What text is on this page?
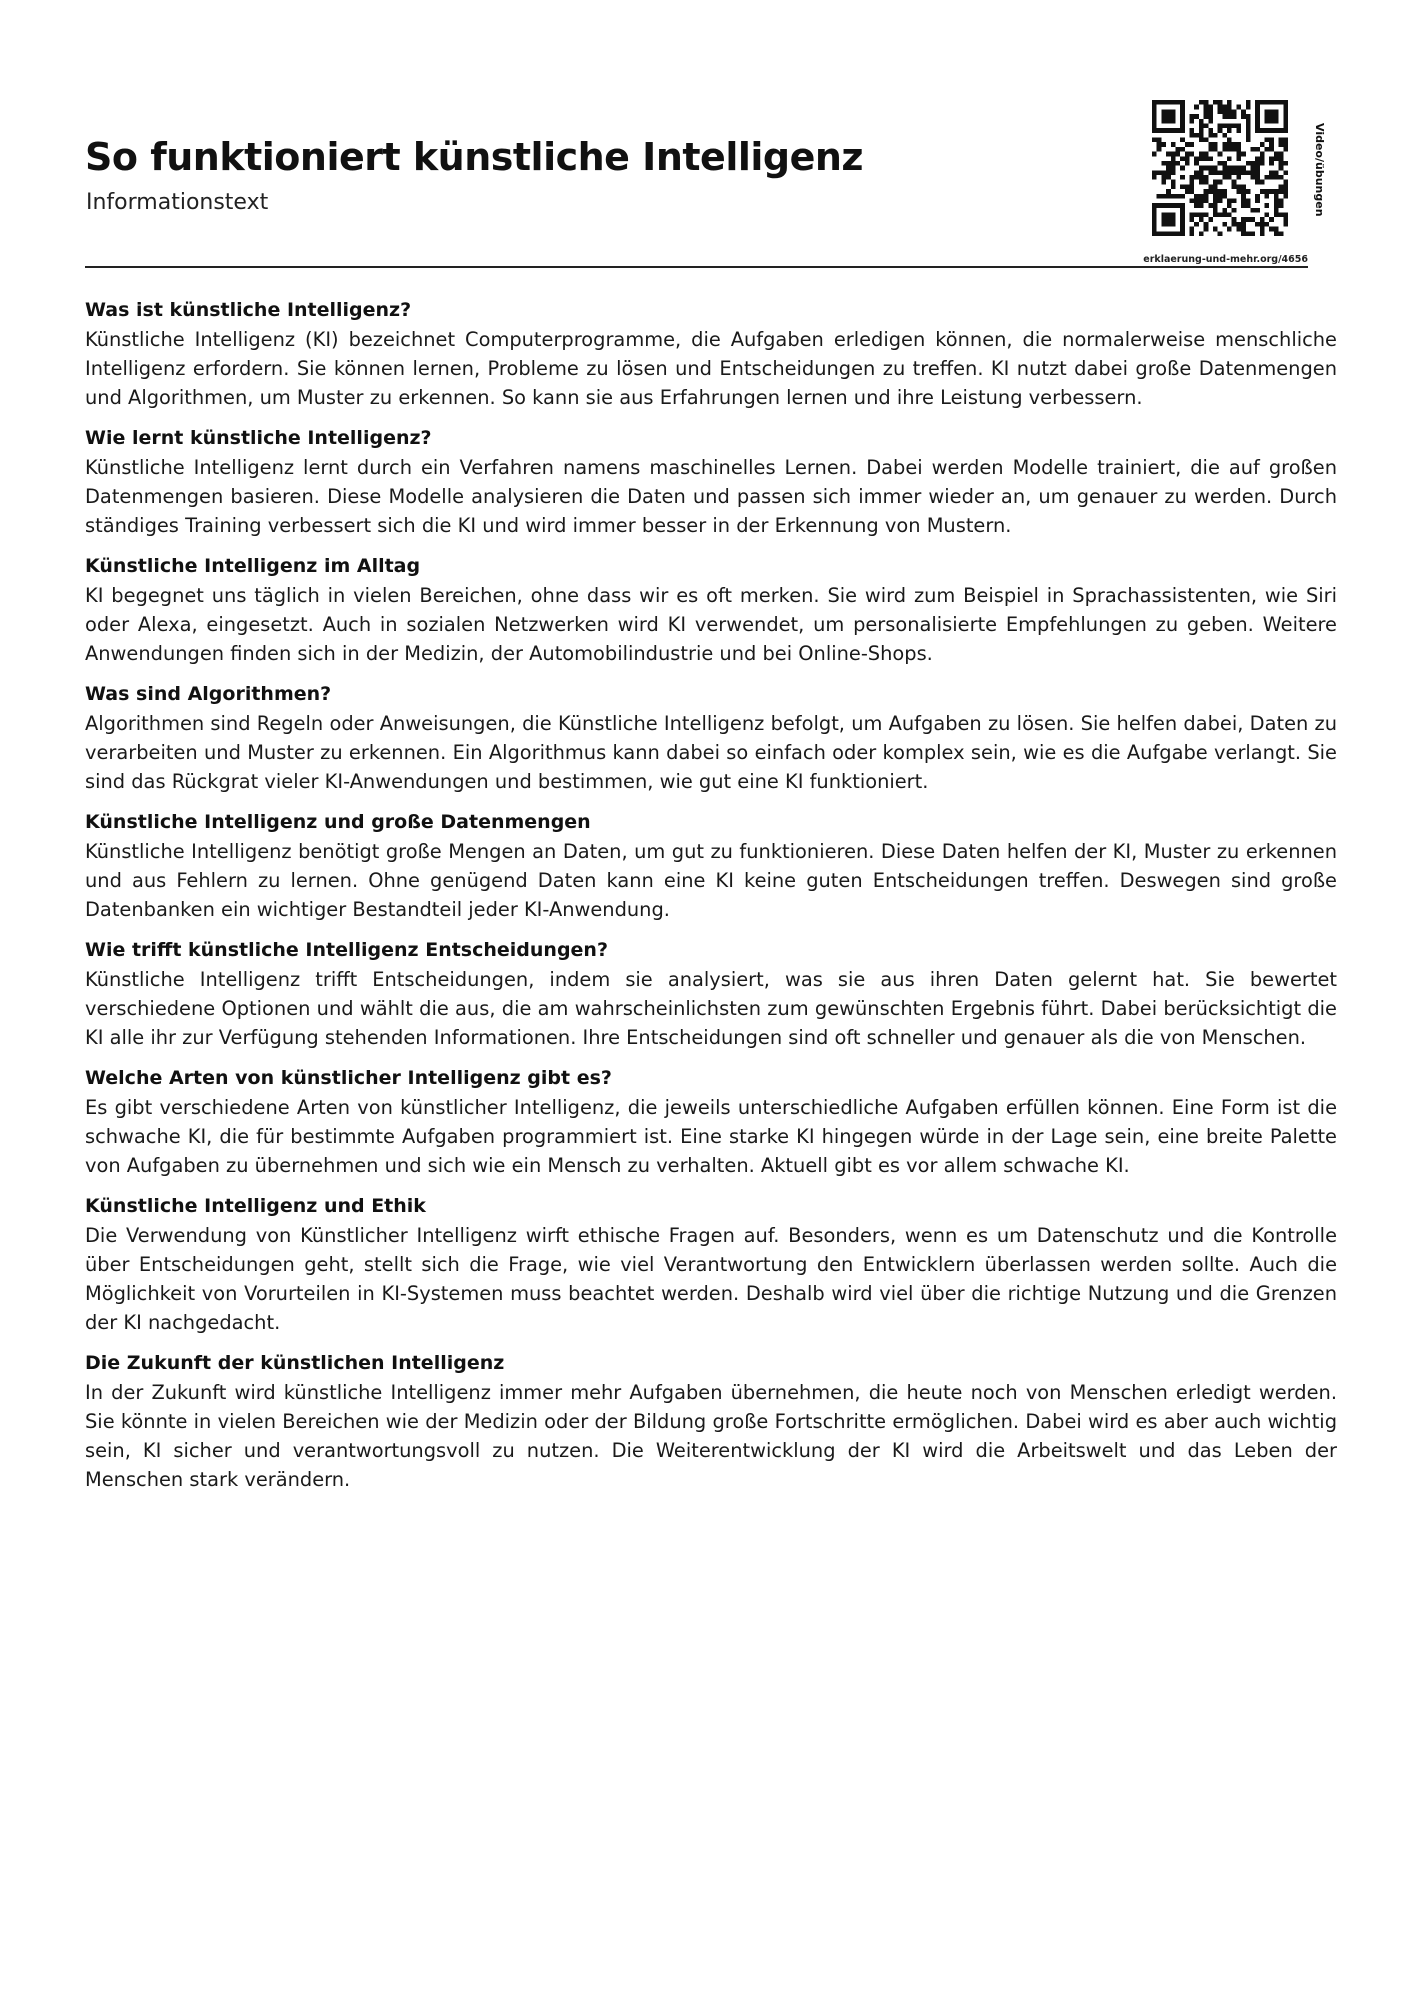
So funktioniert künstliche Intelligenz
Informationstext	Video/übungen
erklaerung-und-mehr.org/4656
Was ist künstliche Intelligenz?

Künstliche Intelligenz (KI) bezeichnet Computerprogramme, die Aufgaben erledigen können, die normalerweise menschliche Intelligenz erfordern. Sie können lernen, Probleme zu lösen und Entscheidungen zu treffen. KI nutzt dabei große Datenmengen und Algorithmen, um Muster zu erkennen. So kann sie aus Erfahrungen lernen und ihre Leistung verbessern.

Wie lernt künstliche Intelligenz?

Künstliche Intelligenz lernt durch ein Verfahren namens maschinelles Lernen. Dabei werden Modelle trainiert, die auf großen Datenmengen basieren. Diese Modelle analysieren die Daten und passen sich immer wieder an, um genauer zu werden. Durch ständiges Training verbessert sich die KI und wird immer besser in der Erkennung von Mustern.

Künstliche Intelligenz im Alltag

KI begegnet uns täglich in vielen Bereichen, ohne dass wir es oft merken. Sie wird zum Beispiel in Sprachassistenten, wie Siri oder Alexa, eingesetzt. Auch in sozialen Netzwerken wird KI verwendet, um personalisierte Empfehlungen zu geben. Weitere Anwendungen finden sich in der Medizin, der Automobilindustrie und bei Online-Shops.

Was sind Algorithmen?

Algorithmen sind Regeln oder Anweisungen, die Künstliche Intelligenz befolgt, um Aufgaben zu lösen. Sie helfen dabei, Daten zu verarbeiten und Muster zu erkennen. Ein Algorithmus kann dabei so einfach oder komplex sein, wie es die Aufgabe verlangt. Sie sind das Rückgrat vieler KI-Anwendungen und bestimmen, wie gut eine KI funktioniert.

Künstliche Intelligenz und große Datenmengen

Künstliche Intelligenz benötigt große Mengen an Daten, um gut zu funktionieren. Diese Daten helfen der KI, Muster zu erkennen und aus Fehlern zu lernen. Ohne genügend Daten kann eine KI keine guten Entscheidungen treffen. Deswegen sind große Datenbanken ein wichtiger Bestandteil jeder KI-Anwendung.

Wie trifft künstliche Intelligenz Entscheidungen?

Künstliche Intelligenz trifft Entscheidungen, indem sie analysiert, was sie aus ihren Daten gelernt hat. Sie bewertet verschiedene Optionen und wählt die aus, die am wahrscheinlichsten zum gewünschten Ergebnis führt. Dabei berücksichtigt die KI alle ihr zur Verfügung stehenden Informationen. Ihre Entscheidungen sind oft schneller und genauer als die von Menschen.

Welche Arten von künstlicher Intelligenz gibt es?

Es gibt verschiedene Arten von künstlicher Intelligenz, die jeweils unterschiedliche Aufgaben erfüllen können. Eine Form ist die schwache KI, die für bestimmte Aufgaben programmiert ist. Eine starke KI hingegen würde in der Lage sein, eine breite Palette von Aufgaben zu übernehmen und sich wie ein Mensch zu verhalten. Aktuell gibt es vor allem schwache KI.

Künstliche Intelligenz und Ethik

Die Verwendung von Künstlicher Intelligenz wirft ethische Fragen auf. Besonders, wenn es um Datenschutz und die Kontrolle über Entscheidungen geht, stellt sich die Frage, wie viel Verantwortung den Entwicklern überlassen werden sollte. Auch die Möglichkeit von Vorurteilen in KI-Systemen muss beachtet werden. Deshalb wird viel über die richtige Nutzung und die Grenzen der KI nachgedacht.

Die Zukunft der künstlichen Intelligenz

In der Zukunft wird künstliche Intelligenz immer mehr Aufgaben übernehmen, die heute noch von Menschen erledigt werden. Sie könnte in vielen Bereichen wie der Medizin oder der Bildung große Fortschritte ermöglichen. Dabei wird es aber auch wichtig sein, KI sicher und verantwortungsvoll zu nutzen. Die Weiterentwicklung der KI wird die Arbeitswelt und das Leben der Menschen stark verändern.
